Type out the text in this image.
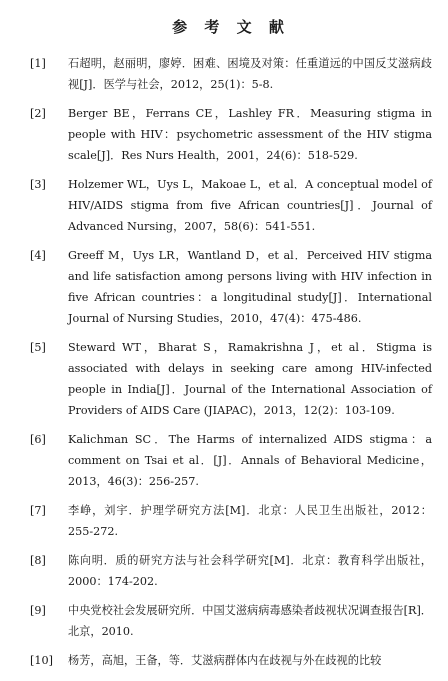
参 考 文 献
[1] 石超明，赵丽明，廖婷．困难、困境及对策：任重道远的中国反艾滋病歧视[J]．医学与社会，2012，25(1)：5-8.
[2] Berger BE，Ferrans CE，Lashley FR．Measuring stigma in people with HIV：psychometric assessment of the HIV stigma scale[J]．Res Nurs Health，2001，24(6)：518-529.
[3] Holzemer WL，Uys L，Makoae L，et al．A conceptual model of HIV/AIDS stigma from five African countries[J]．Journal of Advanced Nursing，2007，58(6)：541-551.
[4] Greeff M，Uys LR，Wantland D，et al．Perceived HIV stigma and life satisfaction among persons living with HIV infection in five African countries：a longitudinal study[J]．International Journal of Nursing Studies，2010，47(4)：475-486.
[5] Steward WT，Bharat S，Ramakrishna J，et al．Stigma is associated with delays in seeking care among HIV-infected people in India[J]．Journal of the International Association of Providers of AIDS Care (JIAPAC)，2013，12(2)：103-109.
[6] Kalichman SC．The Harms of internalized AIDS stigma：a comment on Tsai et al．[J]．Annals of Behavioral Medicine，2013，46(3)：256-257.
[7] 李峥，刘宇．护理学研究方法[M]．北京：人民卫生出版社，2012：255-272.
[8] 陈向明．质的研究方法与社会科学研究[M]．北京：教育科学出版社，2000：174-202.
[9] 中央党校社会发展研究所．中国艾滋病病毒感染者歧视状况调查报告[R]．北京，2010.
[10] 杨芳，高旭，王备，等．艾滋病群体内在歧视与外在歧视的比较
